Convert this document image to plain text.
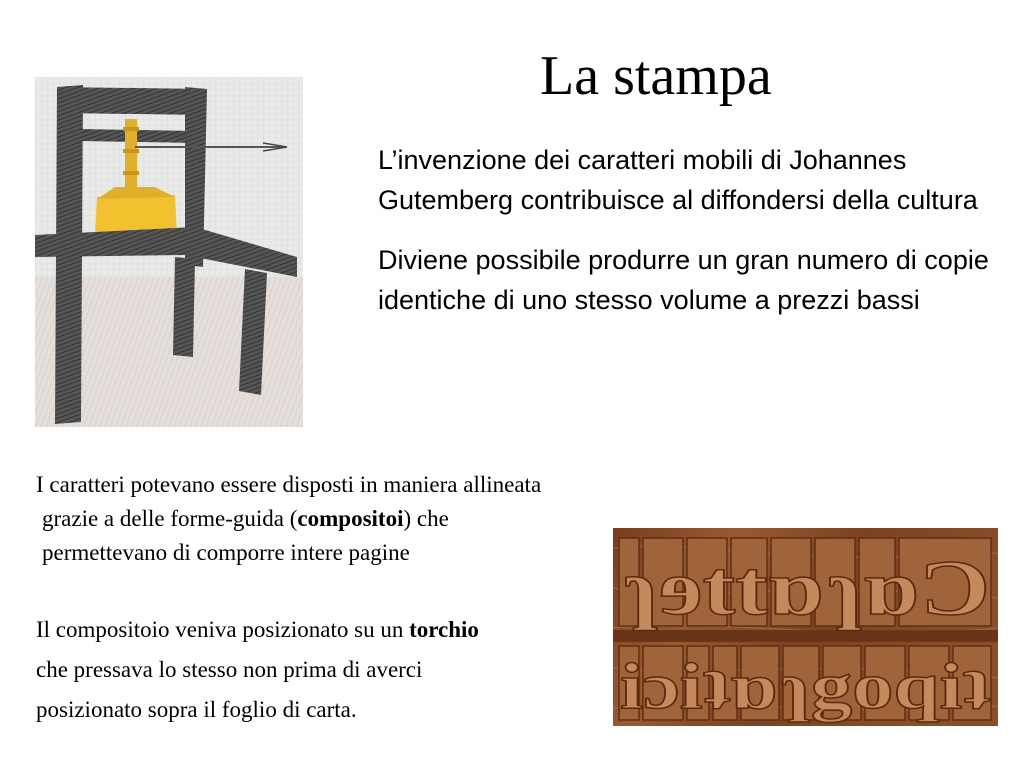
La stampa

L’invenzione dei caratteri mobili di Johannes Gutemberg contribuisce al diffondersi della cultura

Diviene possibile produrre un gran numero di copie identiche di uno stesso volume a prezzi bassi

I caratteri potevano essere disposti in maniera allineata
grazie a delle forme-guida (compositoi) che
permettevano di comporre intere pagine
Il compositoio veniva posizionato su un torchio
che pressava lo stesso non prima di averci
posizionato sopra il foglio di carta.
ɿɘttɒɿɒƆ
iɔiʇɒɿgoqiʇ
